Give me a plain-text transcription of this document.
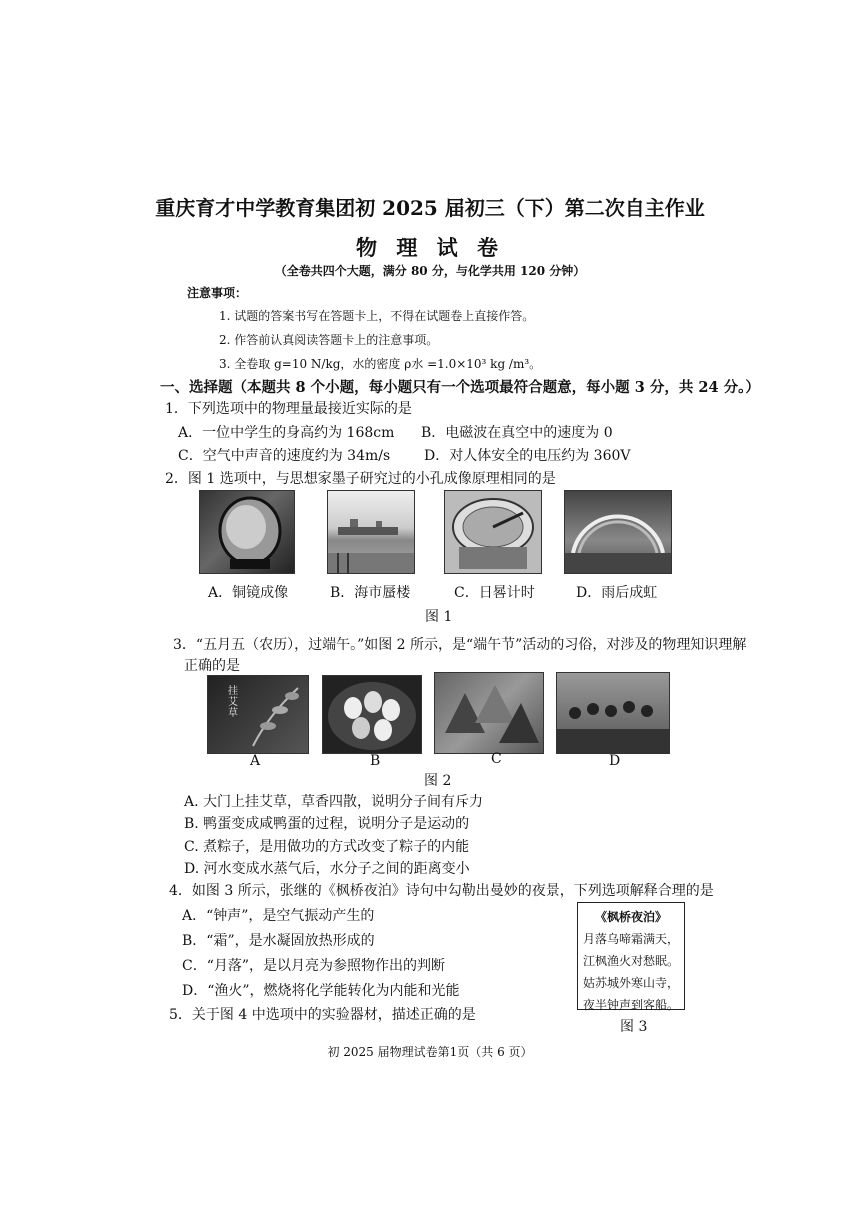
重庆育才中学教育集团初 2025 届初三（下）第二次自主作业
物 理 试 卷
（全卷共四个大题，满分 80 分，与化学共用 120 分钟）
注意事项：
1. 试题的答案书写在答题卡上，不得在试题卷上直接作答。
2. 作答前认真阅读答题卡上的注意事项。
3. 全卷取 g=10 N/kg，水的密度 ρ水 =1.0×10³ kg /m³。
一、选择题（本题共 8 个小题，每小题只有一个选项最符合题意，每小题 3 分，共 24 分。）
1．下列选项中的物理量最接近实际的是
A．一位中学生的身高约为 168cm B．电磁波在真空中的速度为 0
C．空气中声音的速度约为 34m/s D．对人体安全的电压约为 360V
2．图 1 选项中，与思想家墨子研究过的小孔成像原理相同的是
A．铜镜成像	B．海市蜃楼	C．日晷计时	D．雨后成虹
图 1
3．“五月五（农历），过端午。”如图 2 所示，是“端午节”活动的习俗，对涉及的物理知识理解
正确的是
挂艾草
A	B	C	D
图 2
A. 大门上挂艾草，草香四散，说明分子间有斥力
B. 鸭蛋变成咸鸭蛋的过程，说明分子是运动的
C. 煮粽子，是用做功的方式改变了粽子的内能
D. 河水变成水蒸气后，水分子之间的距离变小
4．如图 3 所示，张继的《枫桥夜泊》诗句中勾勒出曼妙的夜景，下列选项解释合理的是
A．“钟声”，是空气振动产生的
B．“霜”，是水凝固放热形成的
C．“月落”，是以月亮为参照物作出的判断
D．“渔火”，燃烧将化学能转化为内能和光能
《枫桥夜泊》
月落乌啼霜满天，
江枫渔火对愁眠。
姑苏城外寒山寺，
夜半钟声到客船。
图 3
5．关于图 4 中选项中的实验器材，描述正确的是
初 2025 届物理试卷第1页（共 6 页）
